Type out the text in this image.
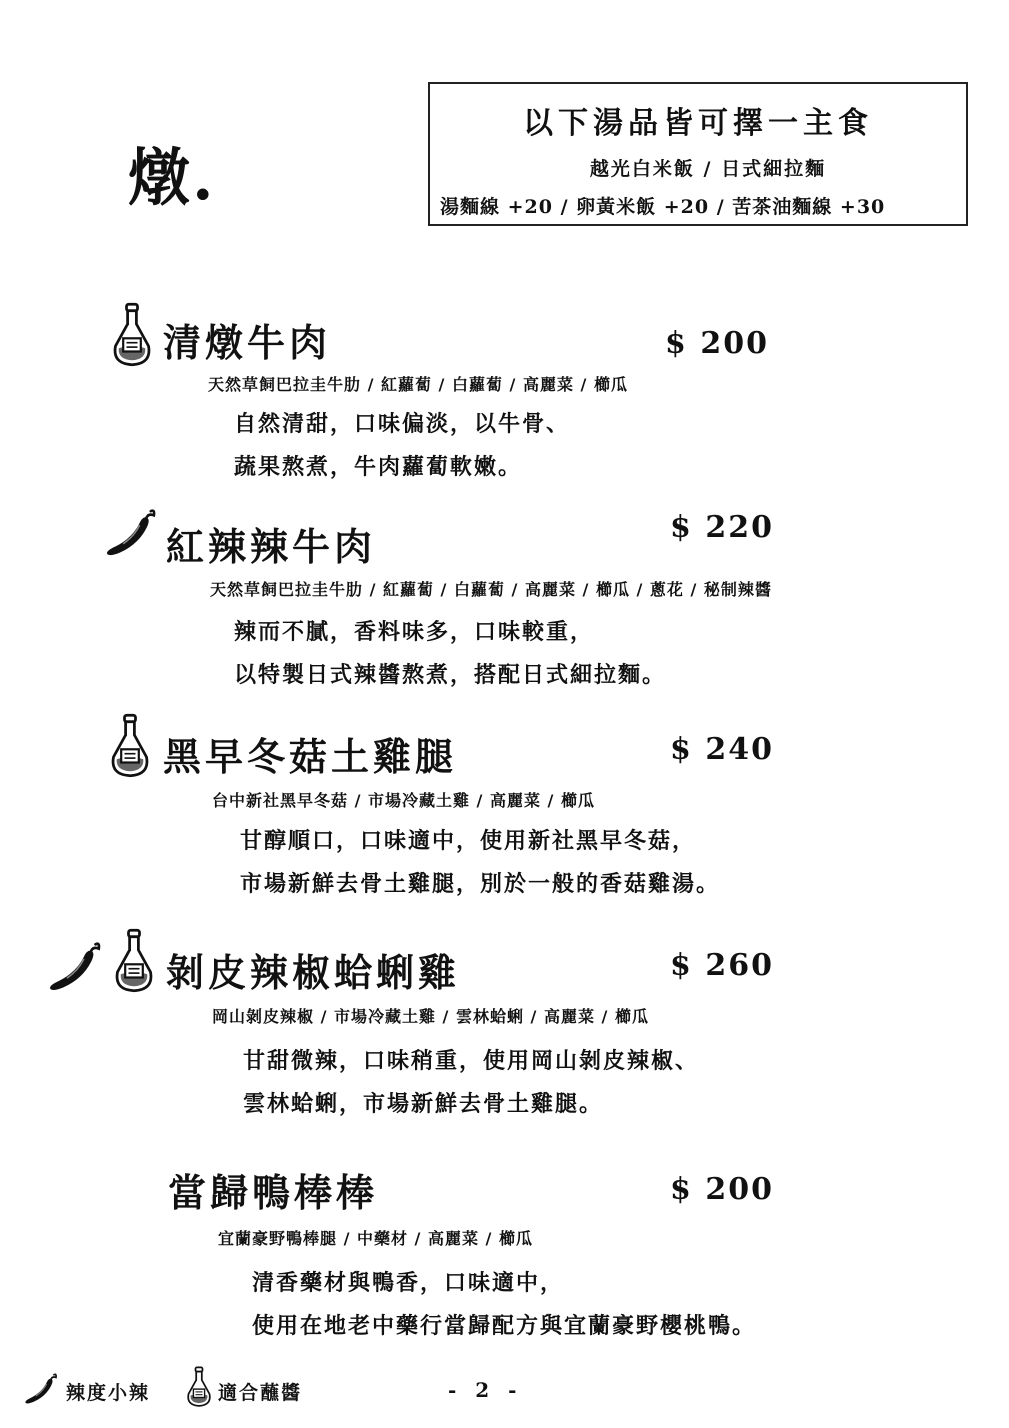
燉.
以下湯品皆可擇一主食
越光白米飯 / 日式細拉麵
湯麵線 +20 / 卵黃米飯 +20 / 苦茶油麵線 +30
清燉牛肉	$ 200
天然草飼巴拉圭牛肋 / 紅蘿蔔 / 白蘿蔔 / 高麗菜 / 櫛瓜
自然清甜，口味偏淡，以牛骨、
蔬果熬煮，牛肉蘿蔔軟嫩。
紅辣辣牛肉	$ 220
天然草飼巴拉圭牛肋 / 紅蘿蔔 / 白蘿蔔 / 高麗菜 / 櫛瓜 / 蔥花 / 秘制辣醬
辣而不膩，香料味多，口味較重，
以特製日式辣醬熬煮，搭配日式細拉麵。
黑早冬菇土雞腿	$ 240
台中新社黑早冬菇 / 市場冷藏土雞 / 高麗菜 / 櫛瓜
甘醇順口，口味適中，使用新社黑早冬菇，
市場新鮮去骨土雞腿，別於一般的香菇雞湯。
剝皮辣椒蛤蜊雞	$ 260
岡山剝皮辣椒 / 市場冷藏土雞 / 雲林蛤蜊 / 高麗菜 / 櫛瓜
甘甜微辣，口味稍重，使用岡山剝皮辣椒、
雲林蛤蜊，市場新鮮去骨土雞腿。
當歸鴨棒棒	$ 200
宜蘭豪野鴨棒腿 / 中藥材 / 高麗菜 / 櫛瓜
清香藥材與鴨香，口味適中，
使用在地老中藥行當歸配方與宜蘭豪野櫻桃鴨。
辣度小辣	適合蘸醬	- 2 -
